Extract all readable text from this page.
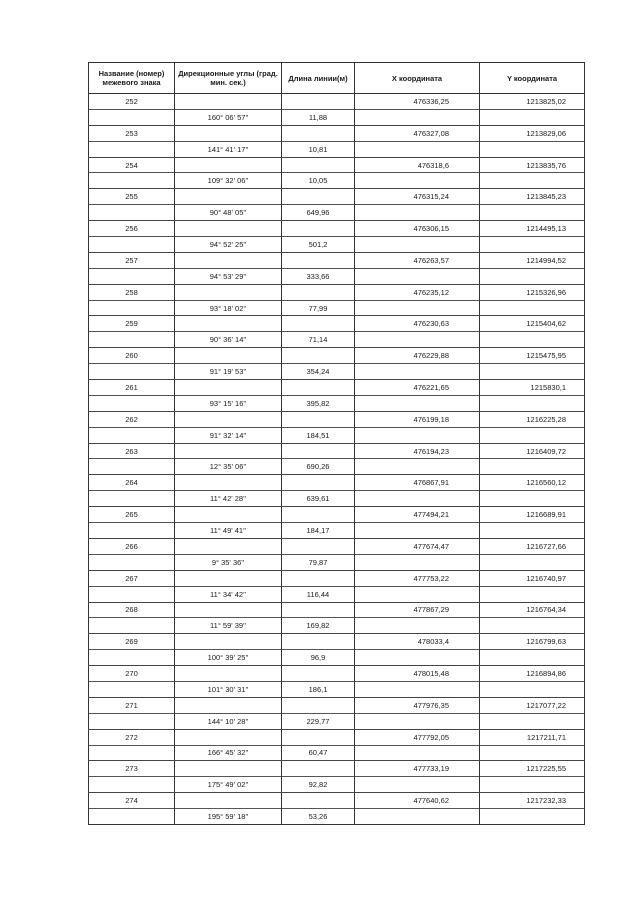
Название (номер) межевого знака	Дирекционные углы (град. мин. сек.)	Длина линии(м)	X координата	Y координата
252			476336,25	1213825,02
	160° 06' 57''	11,88		
253			476327,08	1213829,06
	141° 41' 17''	10,81		
254			476318,6	1213835,76
	109° 32' 06''	10,05		
255			476315,24	1213845,23
	90° 48' 05''	649,96		
256			476306,15	1214495,13
	94° 52' 25''	501,2		
257			476263,57	1214994,52
	94° 53' 29''	333,66		
258			476235,12	1215326,96
	93° 18' 02''	77,99		
259			476230,63	1215404,62
	90° 36' 14''	71,14		
260			476229,88	1215475,95
	91° 19' 53''	354,24		
261			476221,65	1215830,1
	93° 15' 16''	395,82		
262			476199,18	1216225,28
	91° 32' 14''	184,51		
263			476194,23	1216409,72
	12° 35' 06''	690,26		
264			476867,91	1216560,12
	11° 42' 28''	639,61		
265			477494,21	1216689,91
	11° 49' 41''	184,17		
266			477674,47	1216727,66
	9° 35' 36''	79,87		
267			477753,22	1216740,97
	11° 34' 42''	116,44		
268			477867,29	1216764,34
	11° 59' 39''	169,82		
269			478033,4	1216799,63
	100° 39' 25''	96,9		
270			478015,48	1216894,86
	101° 30' 31''	186,1		
271			477976,35	1217077,22
	144° 10' 28''	229,77		
272			477792,05	1217211,71
	166° 45' 32''	60,47		
273			477733,19	1217225,55
	175° 49' 02''	92,82		
274			477640,62	1217232,33
	195° 59' 18''	53,26		
